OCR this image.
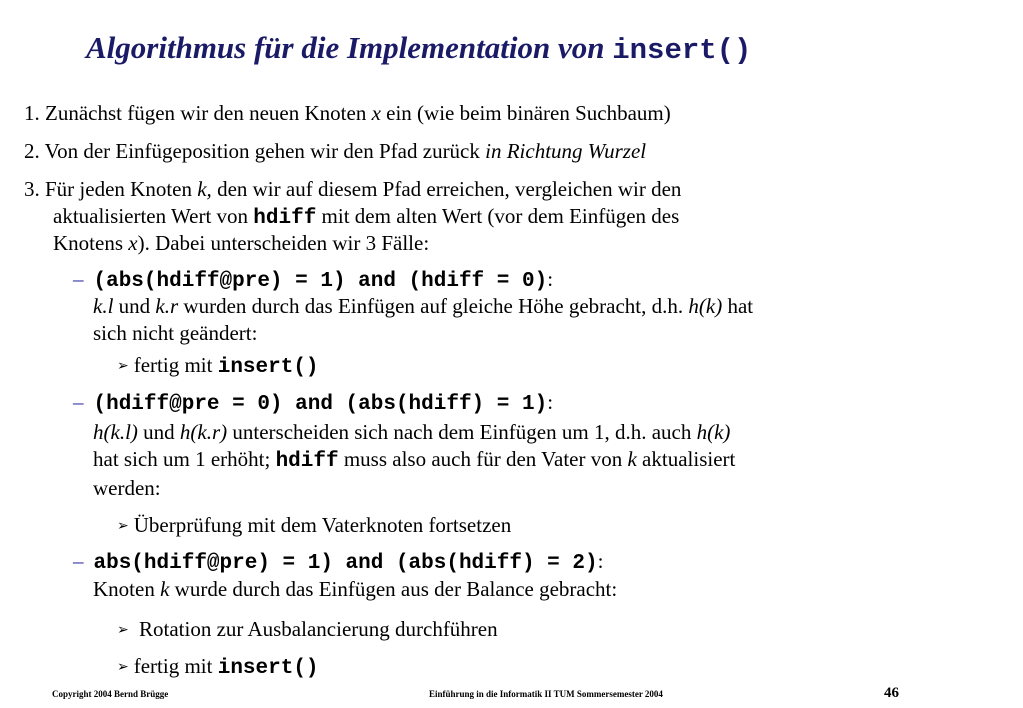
Algorithmus für die Implementation von insert()
1. Zunächst fügen wir den neuen Knoten x ein (wie beim binären Suchbaum)
2. Von der Einfügeposition gehen wir den Pfad zurück in Richtung Wurzel
3. Für jeden Knoten k, den wir auf diesem Pfad erreichen, vergleichen wir den
aktualisierten Wert von hdiff mit dem alten Wert (vor dem Einfügen des
Knotens x). Dabei unterscheiden wir 3 Fälle:
– (abs(hdiff@pre) = 1) and (hdiff = 0):
k.l und k.r wurden durch das Einfügen auf gleiche Höhe gebracht, d.h. h(k) hat
sich nicht geändert:
➢ fertig mit insert()
– (hdiff@pre = 0) and (abs(hdiff) = 1):
h(k.l) und h(k.r) unterscheiden sich nach dem Einfügen um 1, d.h. auch h(k)
hat sich um 1 erhöht; hdiff muss also auch für den Vater von k aktualisiert
werden:
➢ Überprüfung mit dem Vaterknoten fortsetzen
– abs(hdiff@pre) = 1) and (abs(hdiff) = 2):
Knoten k wurde durch das Einfügen aus der Balance gebracht:
➢ Rotation zur Ausbalancierung durchführen
➢ fertig mit insert()
Copyright 2004 Bernd Brügge	Einführung in die Informatik II TUM Sommersemester 2004	46
